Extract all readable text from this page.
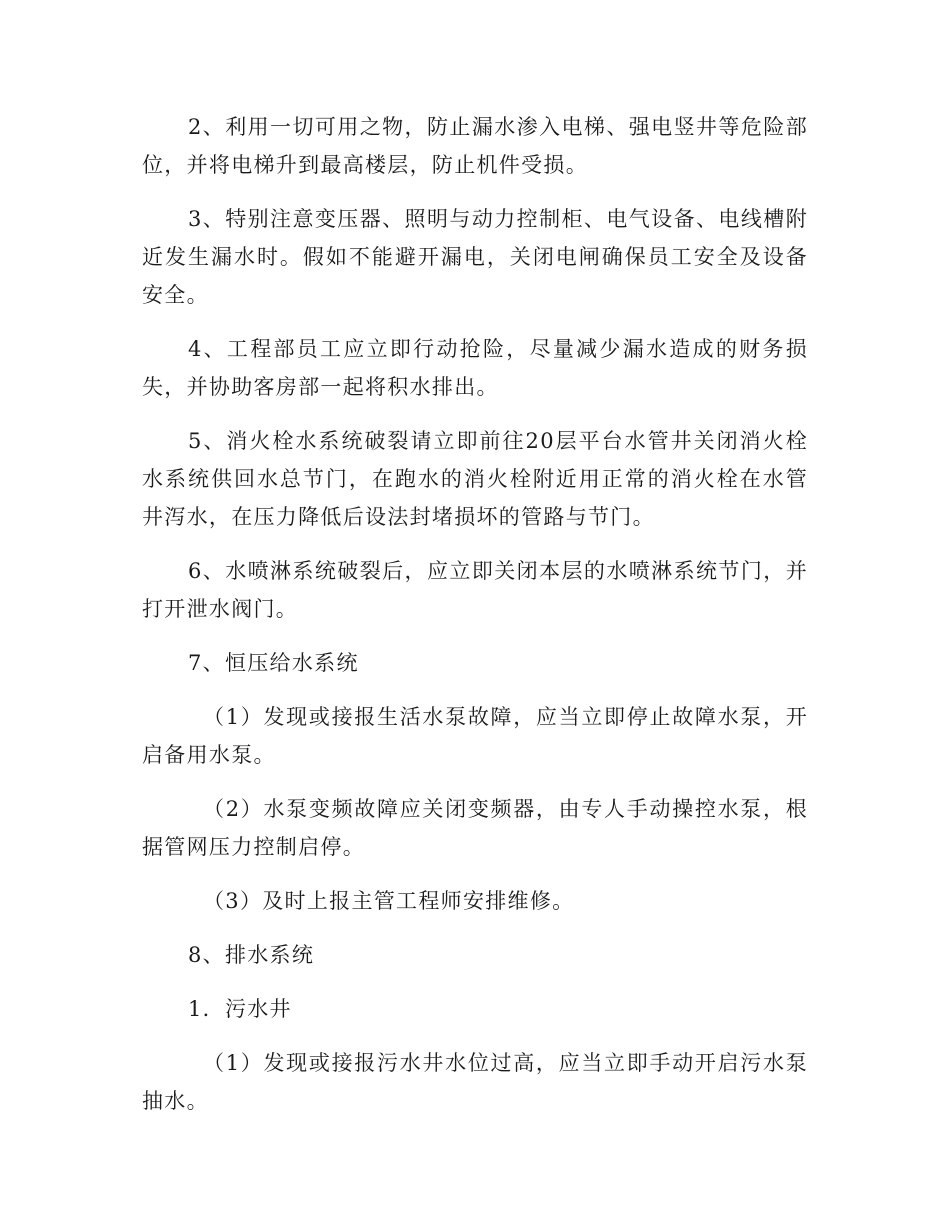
2、利用一切可用之物，防止漏水渗入电梯、强电竖井等危险部位，并将电梯升到最高楼层，防止机件受损。

3、特别注意变压器、照明与动力控制柜、电气设备、电线槽附近发生漏水时。假如不能避开漏电，关闭电闸确保员工安全及设备安全。

4、工程部员工应立即行动抢险，尽量减少漏水造成的财务损失，并协助客房部一起将积水排出。

5、消火栓水系统破裂请立即前往20层平台水管井关闭消火栓水系统供回水总节门，在跑水的消火栓附近用正常的消火栓在水管井泻水，在压力降低后设法封堵损坏的管路与节门。

6、水喷淋系统破裂后，应立即关闭本层的水喷淋系统节门，并打开泄水阀门。

7、恒压给水系统

（1）发现或接报生活水泵故障，应当立即停止故障水泵，开启备用水泵。

（2）水泵变频故障应关闭变频器，由专人手动操控水泵，根据管网压力控制启停。

（3）及时上报主管工程师安排维修。

8、排水系统

1．污水井

（1）发现或接报污水井水位过高，应当立即手动开启污水泵抽水。
